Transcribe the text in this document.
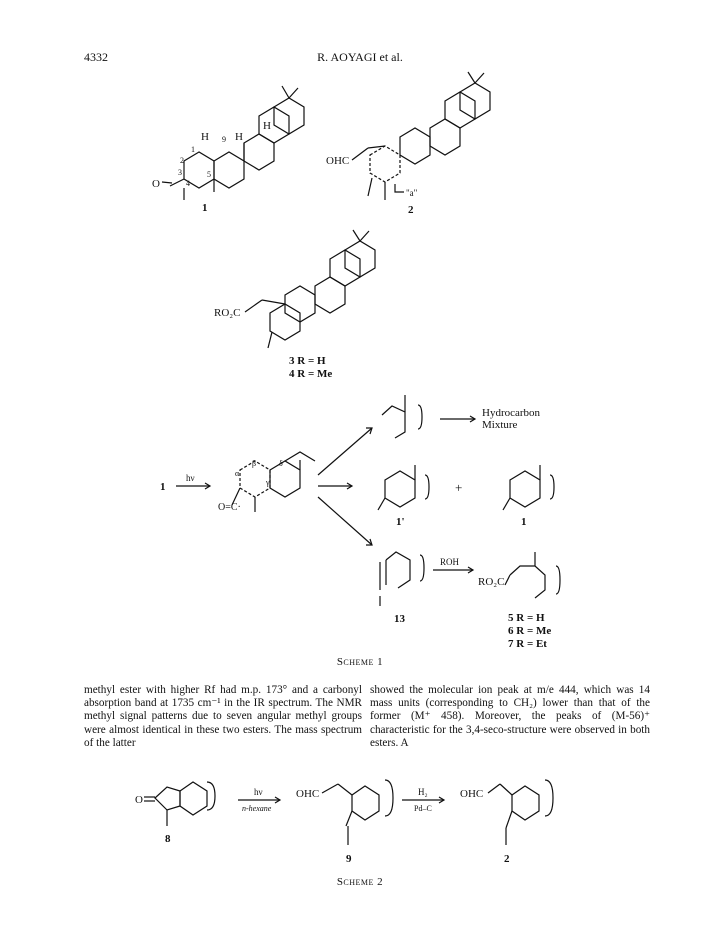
4332	R. AOYAGI et al.
H H
H
9
1
2
3
4
5
O
1
OHC
"a"
2
RO₂C
3 R = H
4 R = Me
1
hν	α
β
γ
δ
O=C·
Hydrocarbon
Mixture
1'
+
1
13
ROH
RO₂C
5 R = H
6 R = Me
7 R = Et
O
8
hν
n-hexane
OHC
9
H₂
Pd–C
OHC
2
Scheme 1
methyl ester with higher Rf had m.p. 173° and a carbonyl absorption band at 1735 cm⁻¹ in the IR spectrum. The NMR methyl signal patterns due to seven angular methyl groups were almost identical in these two esters. The mass spectrum of the latter
showed the molecular ion peak at m/e 444, which was 14 mass units (corresponding to CH₂) lower than that of the former (M⁺ 458). Moreover, the peaks of (M-56)⁺ characteristic for the 3,4-seco-structure were observed in both esters. A
Scheme 2
